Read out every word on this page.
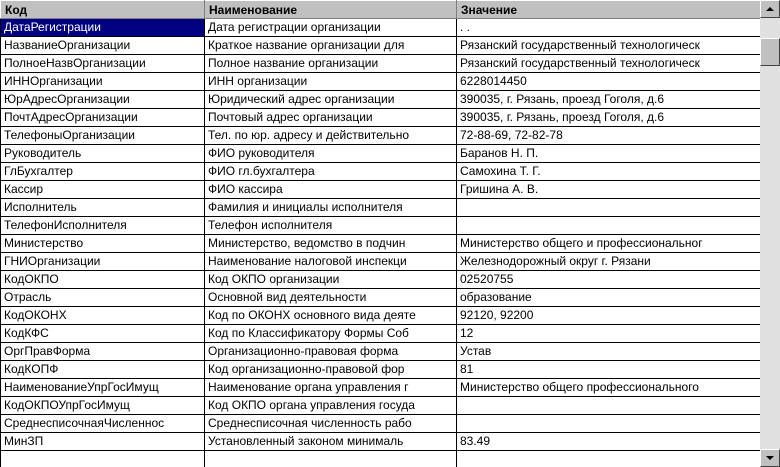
Код	Наименование	Значение
ДатаРегистрации	Дата регистрации организации	. .
НазваниеОрганизации	Краткое название организации для	Рязанский государственный технологическ
ПолноеНазвОрганизации	Полное название организации	Рязанский государственный технологическ
ИННОрганизации	ИНН организации	6228014450
ЮрАдресОрганизации	Юридический адрес организации	390035, г. Рязань, проезд Гоголя, д.6
ПочтАдресОрганизации	Почтовый адрес организации	390035, г. Рязань, проезд Гоголя, д.6
ТелефоныОрганизации	Тел. по юр. адресу и действительно	72-88-69, 72-82-78
Руководитель	ФИО руководителя	Баранов Н. П.
ГлБухгалтер	ФИО гл.бухгалтера	Самохина Т. Г.
Кассир	ФИО кассира	Гришина А. В.
Исполнитель	Фамилия и инициалы исполнителя	
ТелефонИсполнителя	Телефон исполнителя	
Министерство	Министерство, ведомство в подчин	Министерство общего и профессиональног
ГНИОрганизации	Наименование налоговой инспекци	Железнодорожный округ г. Рязани
КодОКПО	Код ОКПО организации	02520755
Отрасль	Основной вид деятельности	образование
КодОКОНХ	Код по ОКОНХ основного вида деяте	92120, 92200
КодКФС	Код по Классификатору Формы Соб	12
ОргПравФорма	Организационно-правовая форма	Устав
КодКОПФ	Код организационно-правовой фор	81
НаименованиеУпрГосИмущ	Наименование органа управления г	Министерство общего профессионального
КодОКПОУпрГосИмущ	Код ОКПО органа управления госуда	
СреднесписочнаяЧисленнос	Среднесписочная численность рабо	
МинЗП	Установленный законом минималь	83.49
